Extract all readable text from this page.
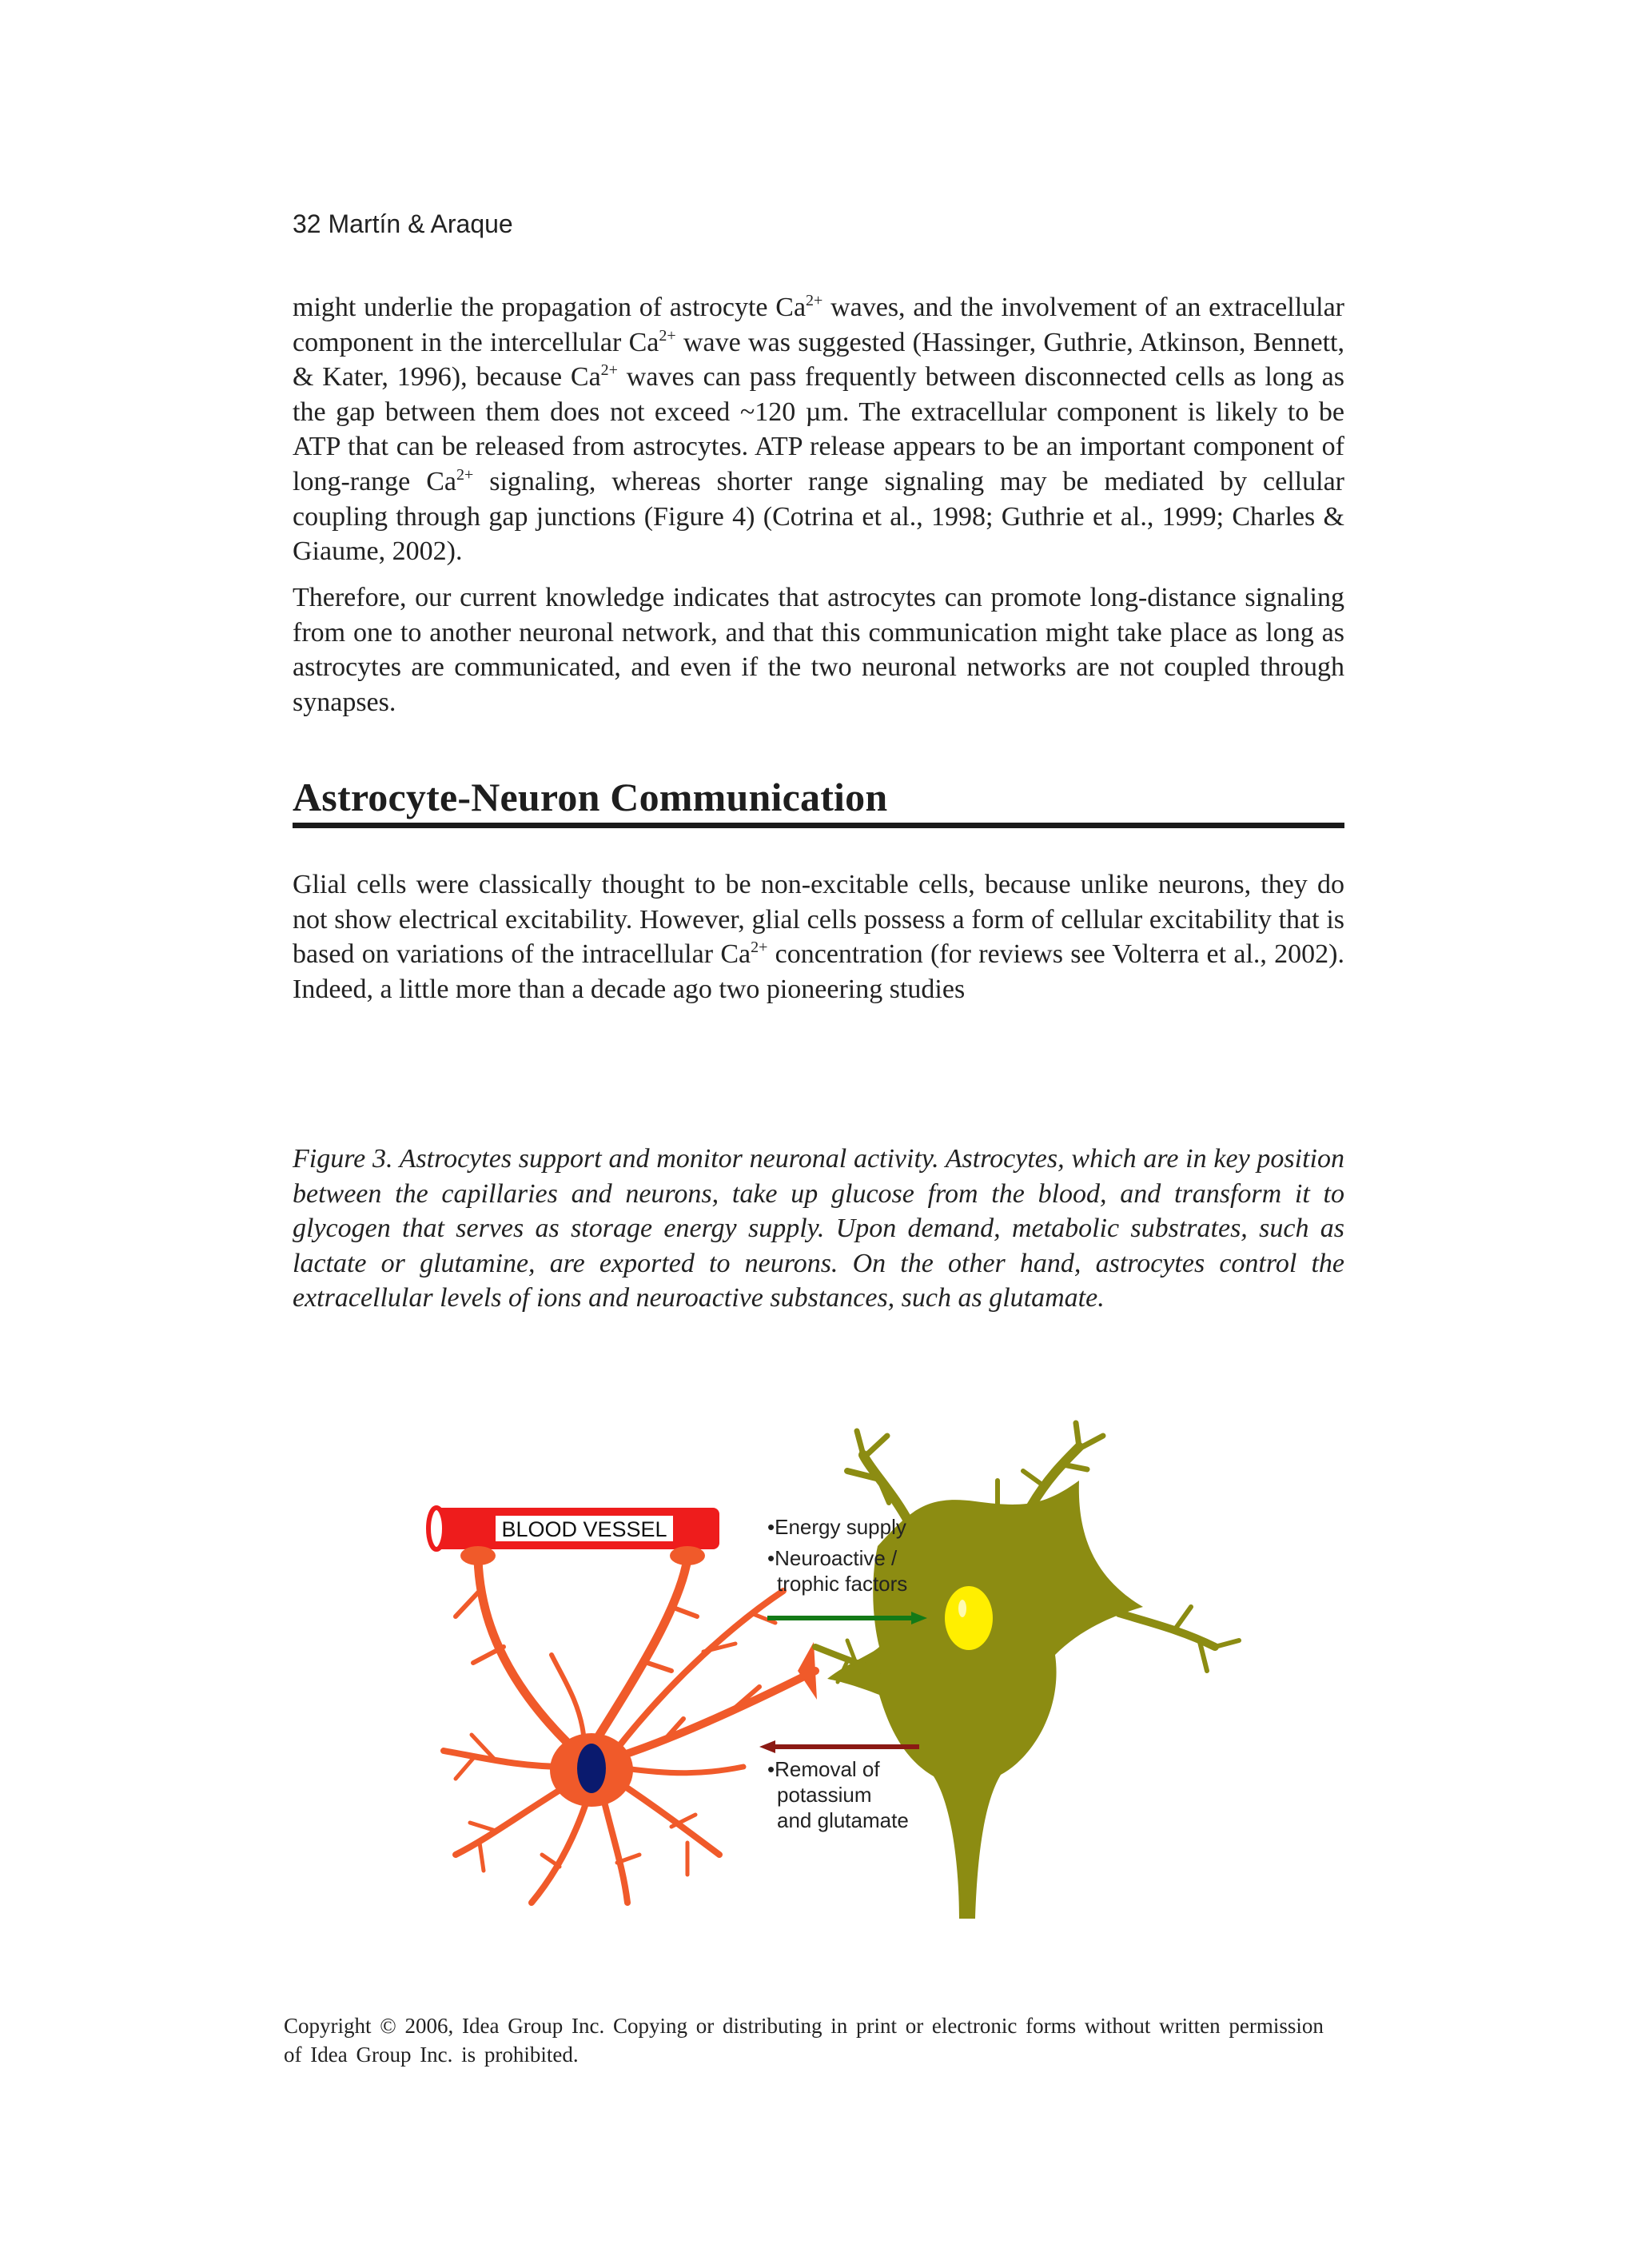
32 Martín & Araque

might underlie the propagation of astrocyte $Ca^{2+}$ waves, and the involvement of an extracellular component in the intercellular $Ca^{2+}$ wave was suggested (Hassinger, Guthrie, Atkinson, Bennett, & Kater, 1996), because $Ca^{2+}$ waves can pass frequently between disconnected cells as long as the gap between them does not exceed ~120 µm. The extracellular component is likely to be ATP that can be released from astrocytes. ATP release appears to be an important component of long-range $Ca^{2+}$ signaling, whereas shorter range signaling may be mediated by cellular coupling through gap junctions (Figure 4) (Cotrina et al., 1998; Guthrie et al., 1999; Charles & Giaume, 2002).

Therefore, our current knowledge indicates that astrocytes can promote long-distance signaling from one to another neuronal network, and that this communication might take place as long as astrocytes are communicated, and even if the two neuronal networks are not coupled through synapses.

Astrocyte-Neuron Communication

Glial cells were classically thought to be non-excitable cells, because unlike neurons, they do not show electrical excitability. However, glial cells possess a form of cellular excitability that is based on variations of the intracellular $Ca^{2+}$ concentration (for reviews see Volterra et al., 2002). Indeed, a little more than a decade ago two pioneering studies

Figure 3. Astrocytes support and monitor neuronal activity. Astrocytes, which are in key position between the capillaries and neurons, take up glucose from the blood, and transform it to glycogen that serves as storage energy supply. Upon demand, metabolic substrates, such as lactate or glutamine, are exported to neurons. On the other hand, astrocytes control the extracellular levels of ions and neuroactive substances, such as glutamate.

BLOOD VESSEL	•Energy supply
•Neuroactive /
trophic factors
•Removal of
potassium
and glutamate

Copyright © 2006, Idea Group Inc. Copying or distributing in print or electronic forms without written permission of Idea Group Inc. is prohibited.
